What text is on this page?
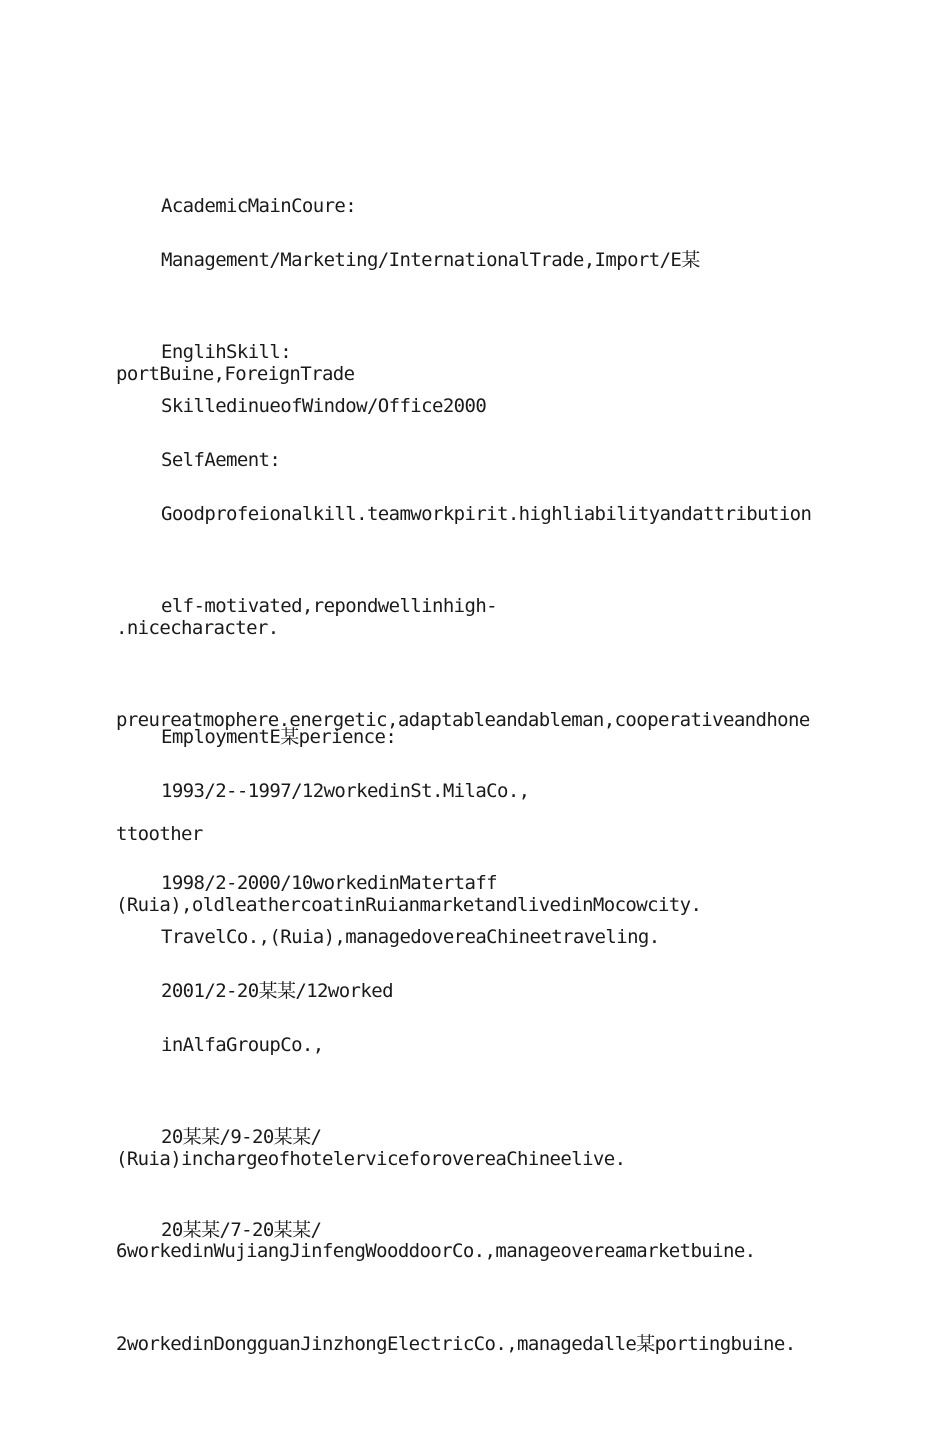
AcademicMainCoure:

Management/Marketing/InternationalTrade,Import/E某

portBuine,ForeignTrade

EnglihSkill:

SkilledinueofWindow/Office2000

SelfAement:

Goodprofeionalkill.teamworkpirit.highliabilityandattribution

.nicecharacter.

elf-motivated,repondwellinhigh-

preureatmophere.energetic,adaptableandableman,cooperativeandhone

ttoother

EmploymentE某perience:

1993/2--1997/12workedinSt.MilaCo.,

(Ruia),oldleathercoatinRuianmarketandlivedinMocowcity.

1998/2-2000/10workedinMatertaff

TravelCo.,(Ruia),managedovereaChineetraveling.

2001/2-20某某/12worked

inAlfaGroupCo.,

(Ruia)inchargeofhotelerviceforovereaChineelive.

20某某/9-20某某/

6workedinWujiangJinfengWooddoorCo.,manageovereamarketbuine.

20某某/7-20某某/

2workedinDongguanJinzhongElectricCo.,managedalle某portingbuine.
